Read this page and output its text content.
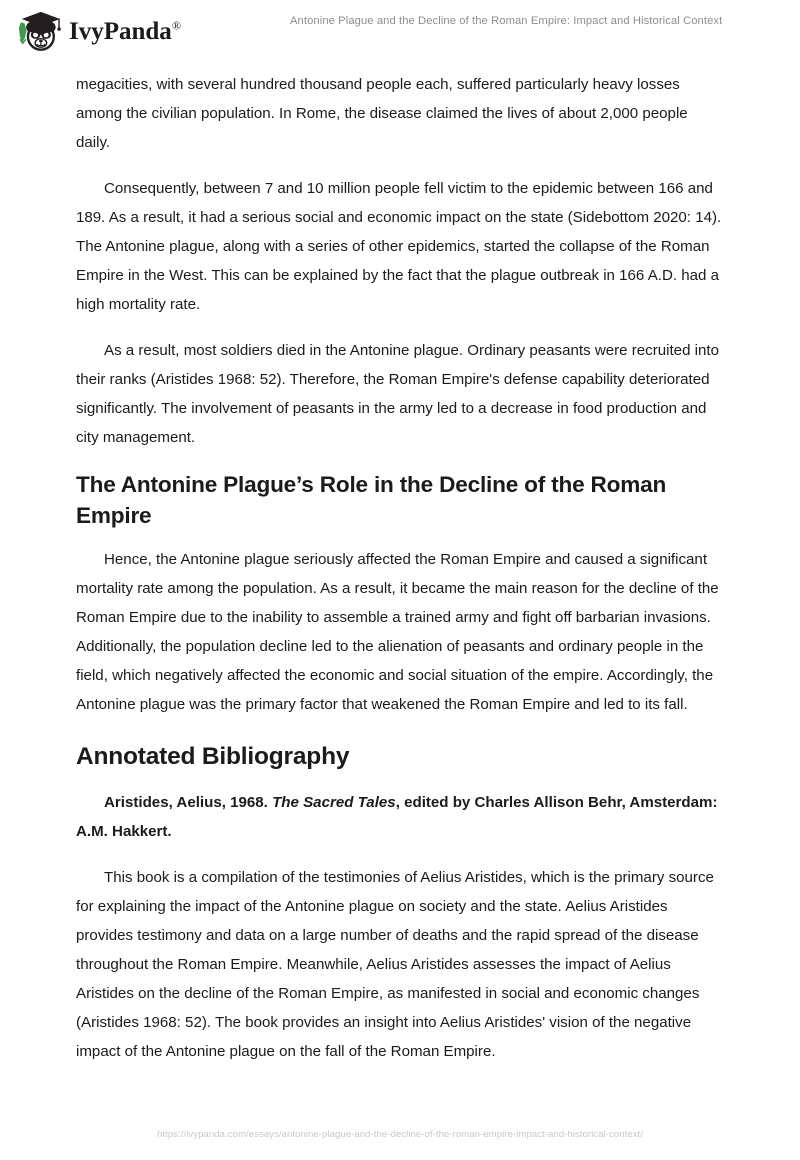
IvyPanda®	Antonine Plague and the Decline of the Roman Empire: Impact and Historical Context

megacities, with several hundred thousand people each, suffered particularly heavy losses among the civilian population. In Rome, the disease claimed the lives of about 2,000 people daily.

Consequently, between 7 and 10 million people fell victim to the epidemic between 166 and 189. As a result, it had a serious social and economic impact on the state (Sidebottom 2020: 14). The Antonine plague, along with a series of other epidemics, started the collapse of the Roman Empire in the West. This can be explained by the fact that the plague outbreak in 166 A.D. had a high mortality rate.

As a result, most soldiers died in the Antonine plague. Ordinary peasants were recruited into their ranks (Aristides 1968: 52). Therefore, the Roman Empire's defense capability deteriorated significantly. The involvement of peasants in the army led to a decrease in food production and city management.

The Antonine Plague’s Role in the Decline of the Roman Empire

Hence, the Antonine plague seriously affected the Roman Empire and caused a significant mortality rate among the population. As a result, it became the main reason for the decline of the Roman Empire due to the inability to assemble a trained army and fight off barbarian invasions. Additionally, the population decline led to the alienation of peasants and ordinary people in the field, which negatively affected the economic and social situation of the empire. Accordingly, the Antonine plague was the primary factor that weakened the Roman Empire and led to its fall.

Annotated Bibliography

Aristides, Aelius, 1968. The Sacred Tales, edited by Charles Allison Behr, Amsterdam: A.M. Hakkert.

This book is a compilation of the testimonies of Aelius Aristides, which is the primary source for explaining the impact of the Antonine plague on society and the state. Aelius Aristides provides testimony and data on a large number of deaths and the rapid spread of the disease throughout the Roman Empire. Meanwhile, Aelius Aristides assesses the impact of Aelius Aristides on the decline of the Roman Empire, as manifested in social and economic changes (Aristides 1968: 52). The book provides an insight into Aelius Aristides' vision of the negative impact of the Antonine plague on the fall of the Roman Empire.

https://ivypanda.com/essays/antonine-plague-and-the-decline-of-the-roman-empire-impact-and-historical-context/
